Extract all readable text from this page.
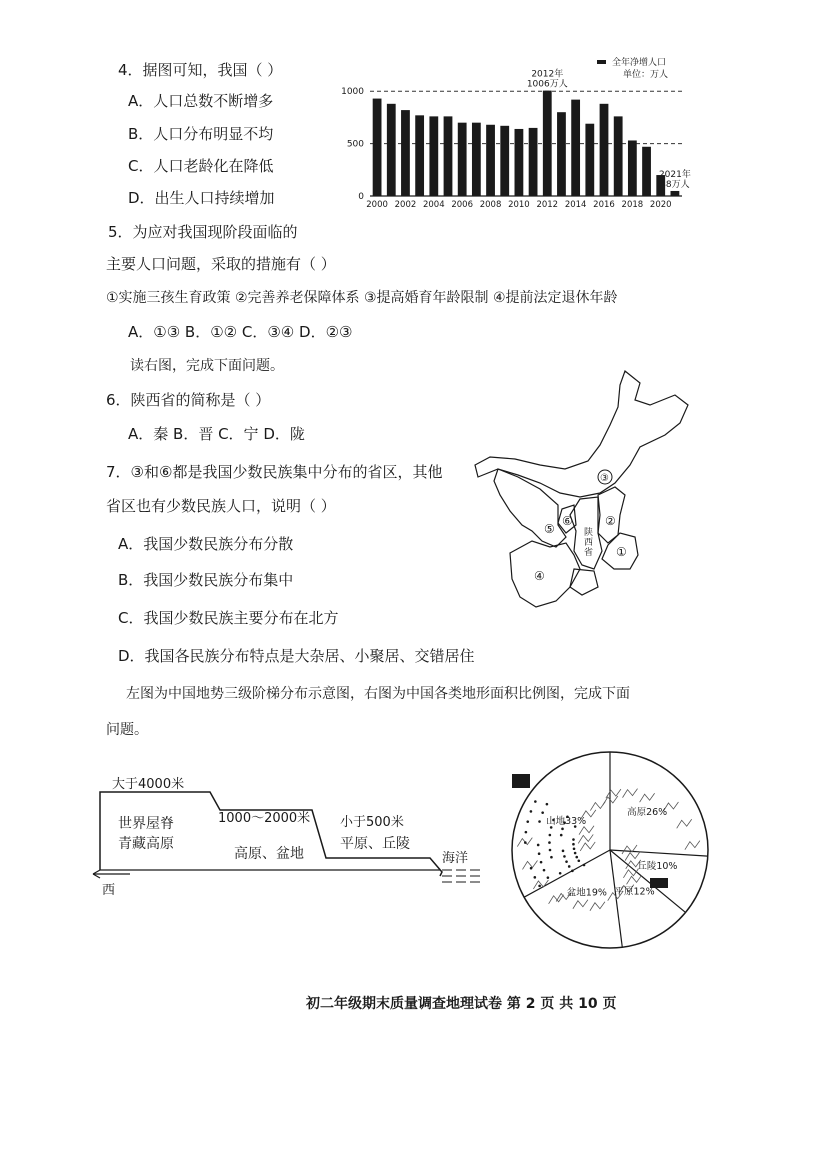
4．据图可知，我国（ ）
A．人口总数不断增多
B．人口分布明显不均
C．人口老龄化在降低
D．出生人口持续增加	0
500
1000
2000 2002 2004 2006 2008 2010 2012 2014 2016 2018 2020
2012年
1006万人
2021年
48万人
全年净增人口
单位：万人
5．为应对我国现阶段面临的
主要人口问题，采取的措施有（ ）
①实施三孩生育政策 ②完善养老保障体系 ③提高婚育年龄限制 ④提前法定退休年龄
A．①③ B．①② C．③④ D．②③
读右图，完成下面问题。
6．陕西省的简称是（ ）
A．秦 B．晋 C．宁 D．陇
7．③和⑥都是我国少数民族集中分布的省区，其他
省区也有少数民族人口，说明（ ）
A．我国少数民族分布分散
B．我国少数民族分布集中
C．我国少数民族主要分布在北方
D．我国各民族分布特点是大杂居、小聚居、交错居住
③
②
⑥
⑤
①
④
陕
西
省
左图为中国地势三级阶梯分布示意图，右图为中国各类地形面积比例图，完成下面
问题。
西
大于4000米
世界屋脊
青藏高原
1000～2000米
高原、盆地
小于500米
平原、丘陵
海洋
山地33%
高原26%
丘陵10%
平原12%
盆地19%
初二年级期末质量调查地理试卷 第 2 页 共 10 页
